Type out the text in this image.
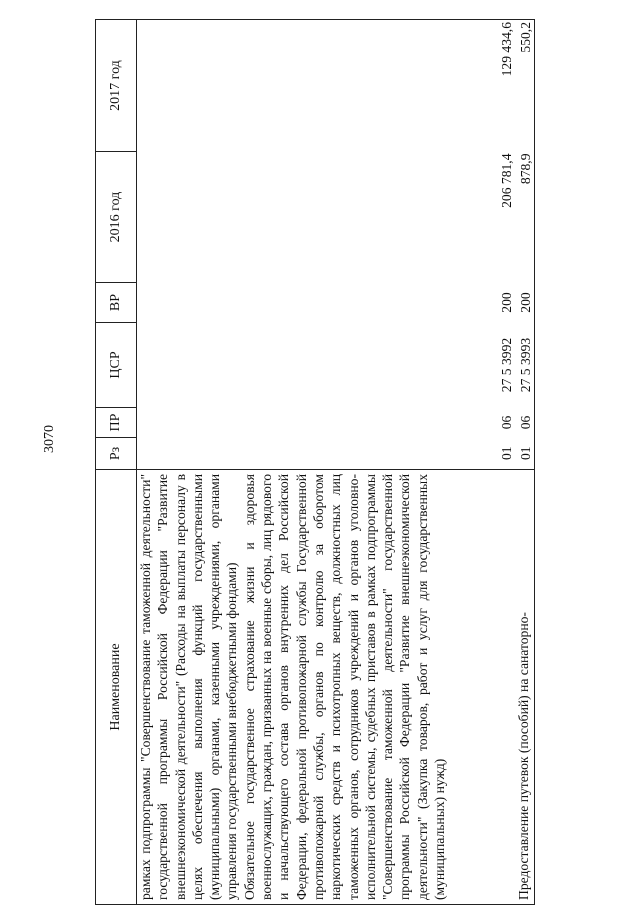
3070
Наименование	Рз	ПР	ЦСР	ВР	2016 год	2017 год
рамках подпрограммы "Совершенствование таможенной деятельности" государственной программы Российской Федерации "Развитие внешнеэкономической деятельности" (Расходы на выплаты персоналу в целях обеспечения выполнения функций государственными (муниципальными) органами, казенными учреждениями, органами управления государственными внебюджетными фондами)						
Обязательное государственное страхование жизни и здоровья военнослужащих, граждан, призванных на военные сборы, лиц рядового и начальствующего состава органов внутренних дел Российской Федерации, федеральной противопожарной службы Государственной противопожарной службы, органов по контролю за оборотом наркотических средств и психотропных веществ, должностных лиц таможенных органов, сотрудников учреждений и органов уголовно-исполнительной системы, судебных приставов в рамках подпрограммы "Совершенствование таможенной деятельности" государственной программы Российской Федерации "Развитие внешнеэкономической деятельности" (Закупка товаров, работ и услуг для государственных (муниципальных) нужд)	01	06	27 5 3992	200	206 781,4	129 434,6
Предоставление путевок (пособий) на санаторно-	01	06	27 5 3993	200	878,9	550,2
